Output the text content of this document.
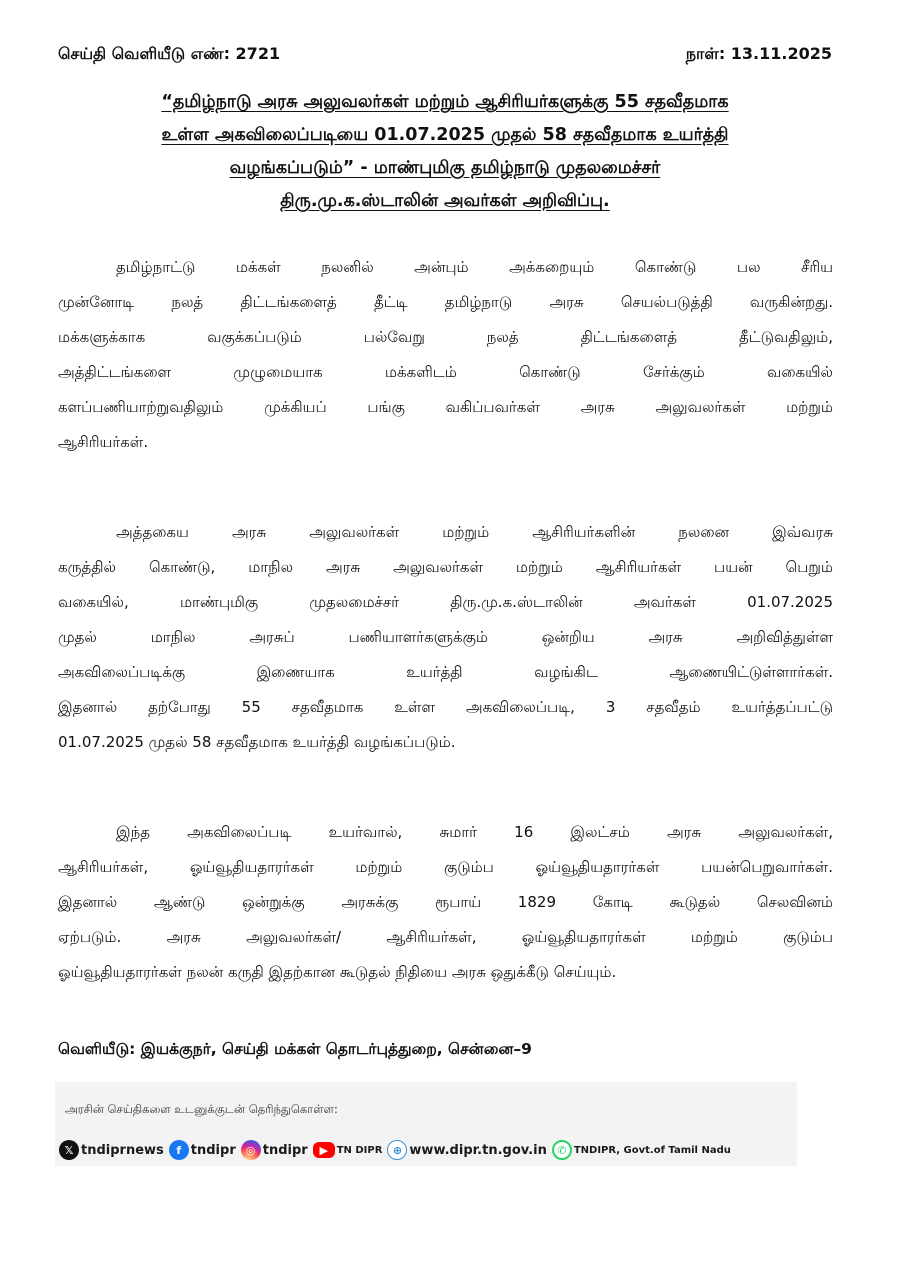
செய்தி வெளியீடு எண்: 2721	நாள்: 13.11.2025
“தமிழ்நாடு அரசு அலுவலர்கள் மற்றும் ஆசிரியர்களுக்கு 55 சதவீதமாக
உள்ள அகவிலைப்படியை 01.07.2025 முதல் 58 சதவீதமாக உயர்த்தி
வழங்கப்படும்” - மாண்புமிகு தமிழ்நாடு முதலமைச்சர்
திரு.மு.க.ஸ்டாலின் அவர்கள் அறிவிப்பு.
தமிழ்நாட்டு மக்கள் நலனில் அன்பும் அக்கறையும் கொண்டு பல சீரிய
முன்னோடி நலத் திட்டங்களைத் தீட்டி தமிழ்நாடு அரசு செயல்படுத்தி வருகின்றது.
மக்களுக்காக வகுக்கப்படும் பல்வேறு நலத் திட்டங்களைத் தீட்டுவதிலும்,
அத்திட்டங்களை முழுமையாக மக்களிடம் கொண்டு சேர்க்கும் வகையில்
களப்பணியாற்றுவதிலும் முக்கியப் பங்கு வகிப்பவர்கள் அரசு அலுவலர்கள் மற்றும்
ஆசிரியர்கள்.
அத்தகைய அரசு அலுவலர்கள் மற்றும் ஆசிரியர்களின் நலனை இவ்வரசு
கருத்தில் கொண்டு, மாநில அரசு அலுவலர்கள் மற்றும் ஆசிரியர்கள் பயன் பெறும்
வகையில், மாண்புமிகு முதலமைச்சர் திரு.மு.க.ஸ்டாலின் அவர்கள் 01.07.2025
முதல் மாநில அரசுப் பணியாளர்களுக்கும் ஒன்றிய அரசு அறிவித்துள்ள
அகவிலைப்படிக்கு இணையாக உயர்த்தி வழங்கிட ஆணையிட்டுள்ளார்கள்.
இதனால் தற்போது 55 சதவீதமாக உள்ள அகவிலைப்படி, 3 சதவீதம் உயர்த்தப்பட்டு
01.07.2025 முதல் 58 சதவீதமாக உயர்த்தி வழங்கப்படும்.
இந்த அகவிலைப்படி உயர்வால், சுமார் 16 இலட்சம் அரசு அலுவலர்கள்,
ஆசிரியர்கள், ஓய்வூதியதாரர்கள் மற்றும் குடும்ப ஓய்வூதியதாரர்கள் பயன்பெறுவார்கள்.
இதனால் ஆண்டு ஒன்றுக்கு அரசுக்கு ரூபாய் 1829 கோடி கூடுதல் செலவினம்
ஏற்படும். அரசு அலுவலர்கள்/ ஆசிரியர்கள், ஓய்வூதியதாரர்கள் மற்றும் குடும்ப
ஓய்வூதியதாரர்கள் நலன் கருதி இதற்கான கூடுதல் நிதியை அரசு ஒதுக்கீடு செய்யும்.
வெளியீடு: இயக்குநர், செய்தி மக்கள் தொடர்புத்துறை, சென்னை–9
அரசின் செய்திகளை உடனுக்குடன் தெரிந்துகொள்ள:
𝕏 tndiprnews	f tndipr ◎ tndipr	▶ TN DIPR ⊕ www.dipr.tn.gov.in ✆ TNDIPR, Govt.of Tamil Nadu
